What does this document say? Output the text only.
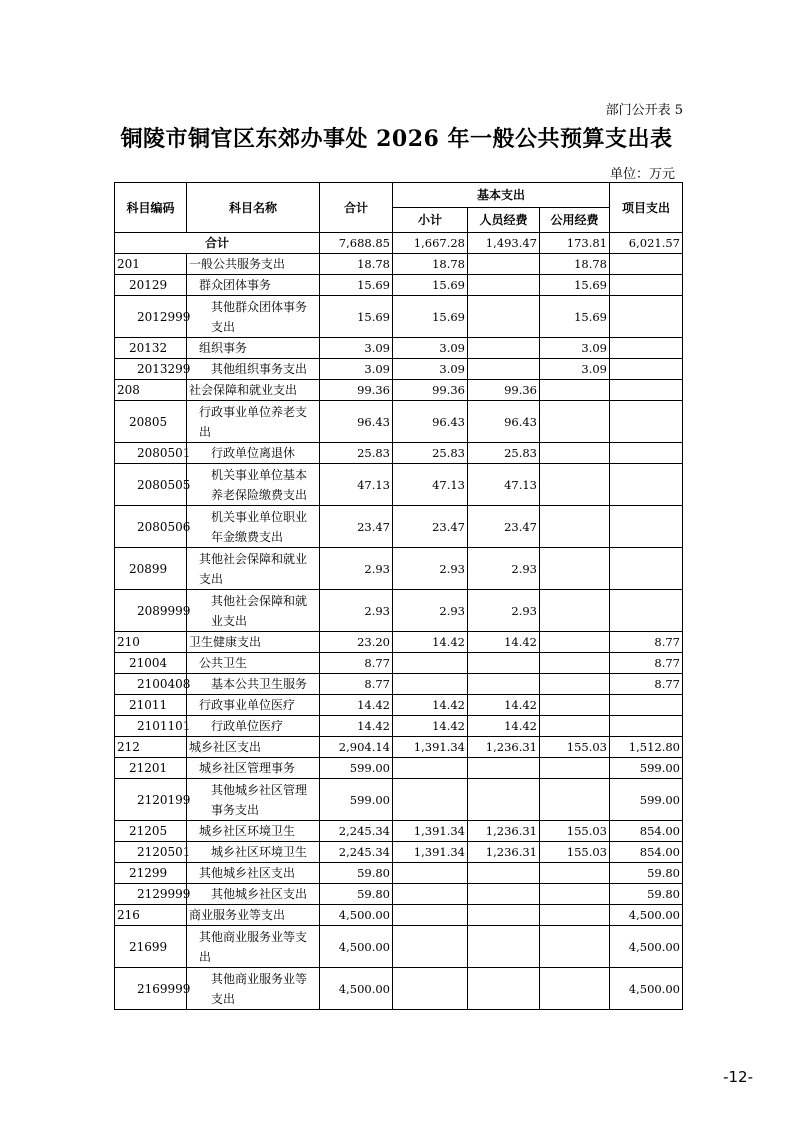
部门公开表 5
铜陵市铜官区东郊办事处 2026 年一般公共预算支出表
单位：万元
科目编码	科目名称	合计	基本支出			项目支出
			小计	人员经费	公用经费	
合计		7,688.85	1,667.28	1,493.47	173.81	6,021.57
201	一般公共服务支出	18.78	18.78		18.78	
20129	群众团体事务	15.69	15.69		15.69	
2012999	其他群众团体事务支出	15.69	15.69		15.69	
20132	组织事务	3.09	3.09		3.09	
2013299	其他组织事务支出	3.09	3.09		3.09	
208	社会保障和就业支出	99.36	99.36	99.36		
20805	行政事业单位养老支出	96.43	96.43	96.43		
2080501	行政单位离退休	25.83	25.83	25.83		
2080505	机关事业单位基本养老保险缴费支出	47.13	47.13	47.13		
2080506	机关事业单位职业年金缴费支出	23.47	23.47	23.47		
20899	其他社会保障和就业支出	2.93	2.93	2.93		
2089999	其他社会保障和就业支出	2.93	2.93	2.93		
210	卫生健康支出	23.20	14.42	14.42		8.77
21004	公共卫生	8.77				8.77
2100408	基本公共卫生服务	8.77				8.77
21011	行政事业单位医疗	14.42	14.42	14.42		
2101101	行政单位医疗	14.42	14.42	14.42		
212	城乡社区支出	2,904.14	1,391.34	1,236.31	155.03	1,512.80
21201	城乡社区管理事务	599.00				599.00
2120199	其他城乡社区管理事务支出	599.00				599.00
21205	城乡社区环境卫生	2,245.34	1,391.34	1,236.31	155.03	854.00
2120501	城乡社区环境卫生	2,245.34	1,391.34	1,236.31	155.03	854.00
21299	其他城乡社区支出	59.80				59.80
2129999	其他城乡社区支出	59.80				59.80
216	商业服务业等支出	4,500.00				4,500.00
21699	其他商业服务业等支出	4,500.00				4,500.00
2169999	其他商业服务业等支出	4,500.00				4,500.00
-12-
